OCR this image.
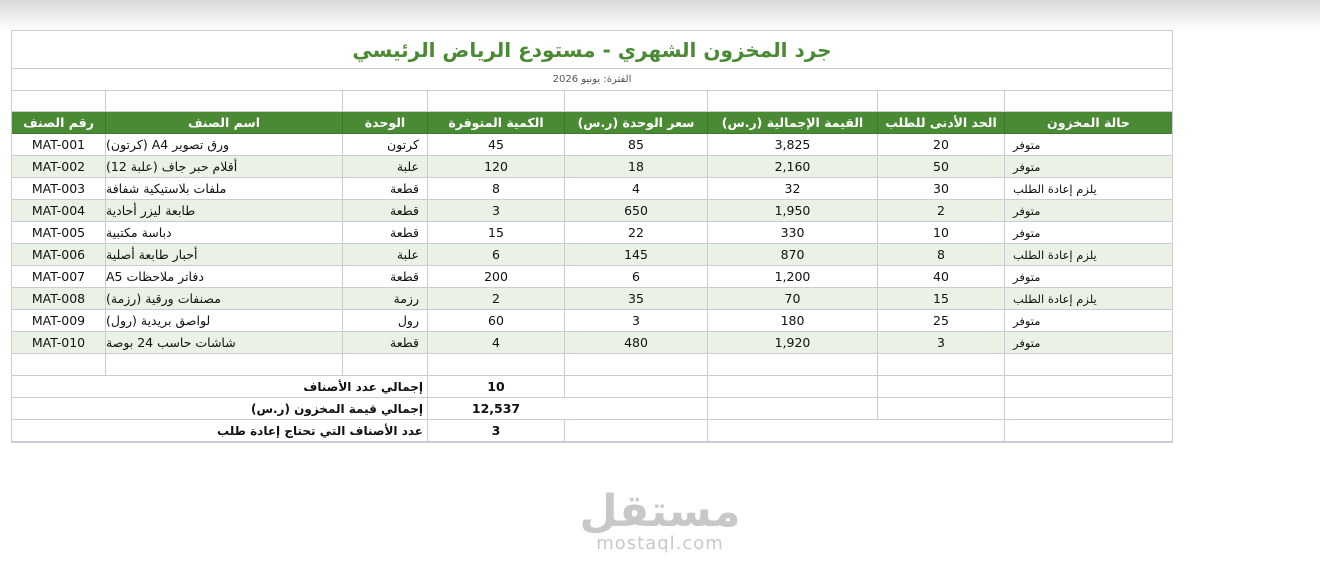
جرد المخزون الشهري - مستودع الرياض الرئيسي
الفترة: يونيو 2026
رقم الصنف	اسم الصنف	الوحدة	الكمية المتوفرة	سعر الوحدة (ر.س)	القيمة الإجمالية (ر.س)	الحد الأدنى للطلب	حالة المخزون
MAT-001 ورق تصوير A4 (كرتون)	كرتون	45	85	3,825	20	متوفر
MAT-002 أقلام حبر جاف (علبة 12)	علبة	120	18	2,160	50	متوفر
MAT-003 ملفات بلاستيكية شفافة	قطعة	8	4	32	30	يلزم إعادة الطلب
MAT-004 طابعة ليزر أحادية	قطعة	3	650	1,950	2	متوفر
MAT-005 دباسة مكتبية	قطعة	15	22	330	10	متوفر
MAT-006 أحبار طابعة أصلية	علبة	6	145	870	8	يلزم إعادة الطلب
MAT-007 دفاتر ملاحظات A5	قطعة	200	6	1,200	40	متوفر
MAT-008 مصنفات ورقية (رزمة)	رزمة	2	35	70	15	يلزم إعادة الطلب
MAT-009 لواصق بريدية (رول)	رول	60	3	180	25	متوفر
MAT-010 شاشات حاسب 24 بوصة	قطعة	4	480	1,920	3	متوفر
إجمالي عدد الأصناف	10
إجمالي قيمة المخزون (ر.س)	12,537
عدد الأصناف التي تحتاج إعادة طلب	3
مستقل
mostaql.com
